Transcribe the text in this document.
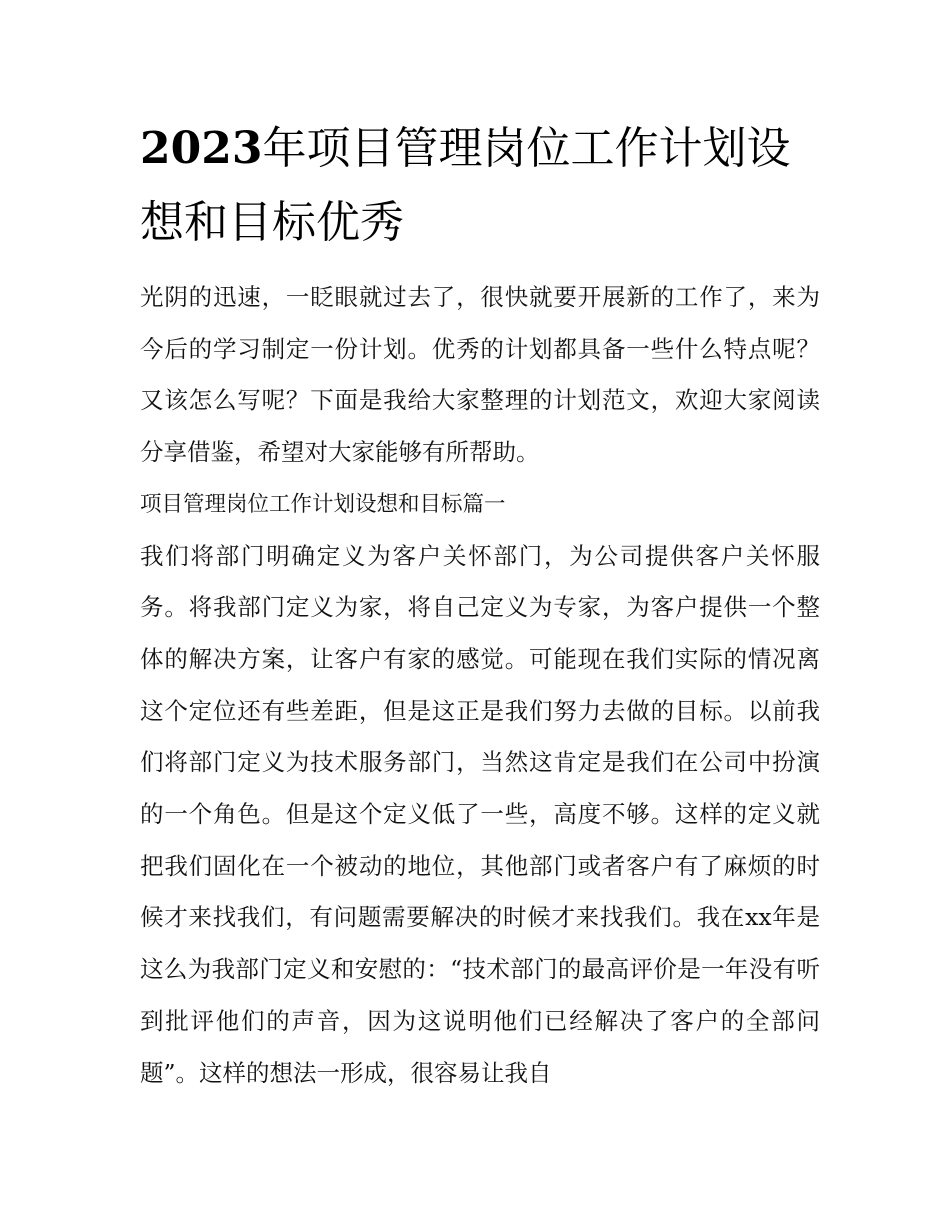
2023年项目管理岗位工作计划设想和目标优秀

光阴的迅速，一眨眼就过去了，很快就要开展新的工作了，来为今后的学习制定一份计划。优秀的计划都具备一些什么特点呢？又该怎么写呢？下面是我给大家整理的计划范文，欢迎大家阅读分享借鉴，希望对大家能够有所帮助。

项目管理岗位工作计划设想和目标篇一

我们将部门明确定义为客户关怀部门，为公司提供客户关怀服务。将我部门定义为家，将自己定义为专家，为客户提供一个整体的解决方案，让客户有家的感觉。可能现在我们实际的情况离这个定位还有些差距，但是这正是我们努力去做的目标。以前我们将部门定义为技术服务部门，当然这肯定是我们在公司中扮演的一个角色。但是这个定义低了一些，高度不够。这样的定义就把我们固化在一个被动的地位，其他部门或者客户有了麻烦的时候才来找我们，有问题需要解决的时候才来找我们。我在xx年是这么为我部门定义和安慰的：“技术部门的最高评价是一年没有听到批评他们的声音，因为这说明他们已经解决了客户的全部问题”。这样的想法一形成，很容易让我自
